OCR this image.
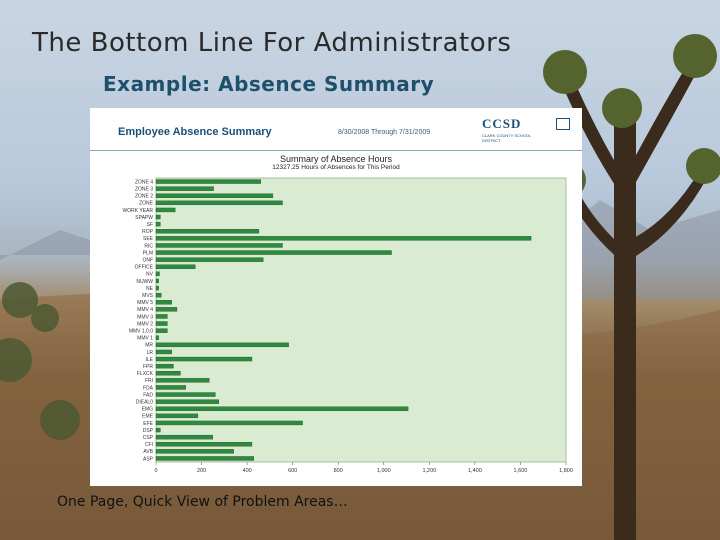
The Bottom Line For Administrators
Example: Absence Summary
Employee Absence Summary	8/30/2008 Through 7/31/2009
CCSD
CLARK COUNTY SCHOOL DISTRICT
Summary of Absence Hours
12327.25 Hours of Absences for This Period
ZONE 4
ZONE 3
ZONE 2
ZONE
WORK YEAR
SPAPW
SF
ROP
SEE
RIC
PLM
ONF
OFFICE
NV
NUWW
NE
MVS
MMV 5
MMV 4
MMV 3
MMV 2
MMV 1,0,0
MMV 1
MR
LR
ILE
FPR
FLXCK
FRI
FDA
FAD
DIEAL0
EMG
EME
EFE
DSP
CSP
CFI
AVB
ASP
0	200	400	600	800	1,000	1,200	1,400	1,600	1,800
One Page, Quick View of Problem Areas…
